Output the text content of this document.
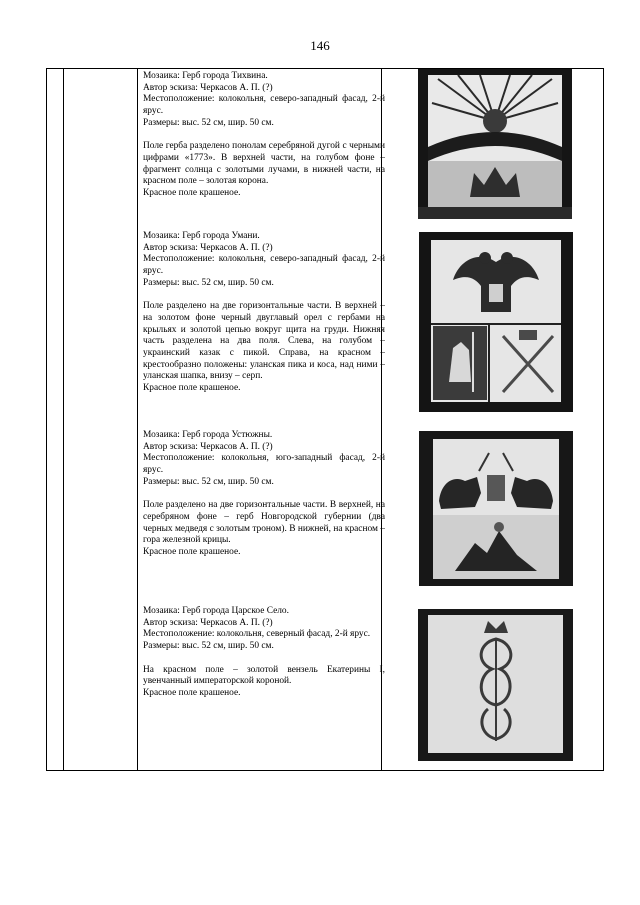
146

Мозаика: Герб города Тихвина.

Автор эскиза: Черкасов А. П. (?)

Местоположение: колокольня, северо-западный фасад, 2-й ярус.

Размеры: выс. 52 см, шир. 50 см.

Поле герба разделено понолам серебряной дугой с черными цифрами «1773». В верхней части, на голубом фоне – фрагмент солнца с золотыми лучами, в нижней части, на красном поле – золотая корона.

Красное поле крашеное.

Мозаика: Герб города Умани.

Автор эскиза: Черкасов А. П. (?)

Местоположение: колокольня, северо-западный фасад, 2-й ярус.

Размеры: выс. 52 см, шир. 50 см.

Поле разделено на две горизонтальные части. В верхней – на золотом фоне черный двуглавый орел с гербами на крыльях и золотой цепью вокруг щита на груди. Нижняя часть разделена на два поля. Слева, на голубом – украинский казак с пикой. Справа, на красном – крестообразно положены: уланская пика и коса, над ними – уланская шапка, внизу – серп.

Красное поле крашеное.

Мозаика: Герб города Устюжны.

Автор эскиза: Черкасов А. П. (?)

Местоположение: колокольня, юго-западный фасад, 2-й ярус.

Размеры: выс. 52 см, шир. 50 см.

Поле разделено на две горизонтальные части. В верхней, на серебряном фоне – герб Новгородской губернии (два черных медведя с золотым троном). В нижней, на красном – гора железной крицы.

Красное поле крашеное.

Мозаика: Герб города Царское Село.

Автор эскиза: Черкасов А. П. (?)

Местоположение: колокольня, северный фасад, 2-й ярус.

Размеры: выс. 52 см, шир. 50 см.

На красном поле – золотой вензель Екатерины I, увенчанный императорской короной.

Красное поле крашеное.
